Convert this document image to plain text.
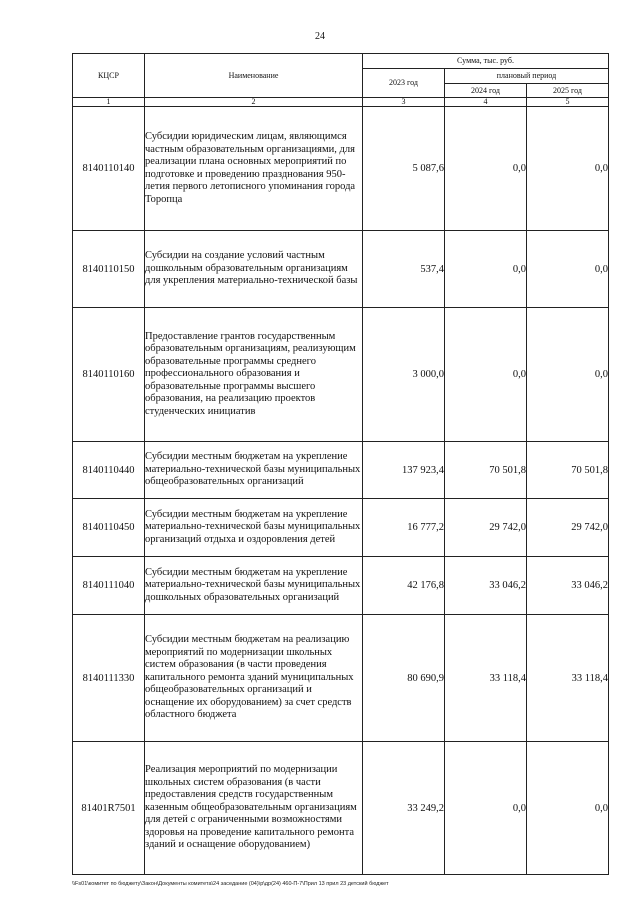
24
КЦСР	Наименование	Сумма, тыс. руб.		
		2023 год	плановый период	
			2024 год	2025 год
1	2	3	4	5
8140110140	Субсидии юридическим лицам, являющимся частным образовательным организациями, для реализации плана основных мероприятий по подготовке и проведению празднования 950-летия первого летописного упоминания города Торопца	5 087,6	0,0	0,0
8140110150	Субсидии на создание условий частным дошкольным образовательным организациям для укрепления материально-технической базы	537,4	0,0	0,0
8140110160	Предоставление грантов государственным образовательным организациям, реализующим образовательные программы среднего профессионального образования и образовательные программы высшего образования, на реализацию проектов студенческих инициатив	3 000,0	0,0	0,0
8140110440	Субсидии местным бюджетам на укрепление материально-технической базы муниципальных общеобразовательных организаций	137 923,4	70 501,8	70 501,8
8140110450	Субсидии местным бюджетам на укрепление материально-технической базы муниципальных организаций отдыха и оздоровления детей	16 777,2	29 742,0	29 742,0
8140111040	Субсидии местным бюджетам на укрепление материально-технической базы муниципальных дошкольных образовательных организаций	42 176,8	33 046,2	33 046,2
8140111330	Субсидии местным бюджетам на реализацию мероприятий по модернизации школьных систем образования (в части проведения капитального ремонта зданий муниципальных общеобразовательных организаций и оснащение их оборудованием) за счет средств областного бюджета	80 690,9	33 118,4	33 118,4
81401R7501	Реализация мероприятий по модернизации школьных систем образования (в части предоставления средств государственным казенным общеобразовательным организациям для детей с ограниченными возможностями здоровья на проведение капитального ремонта зданий и оснащение оборудованием)	33 249,2	0,0	0,0
\\Fs01\комитет по бюджету\Закон\Документы комитета\24 заседание (04)\р\др(24) 460-П-7\Прил 13 прил 23 детский бюджет
